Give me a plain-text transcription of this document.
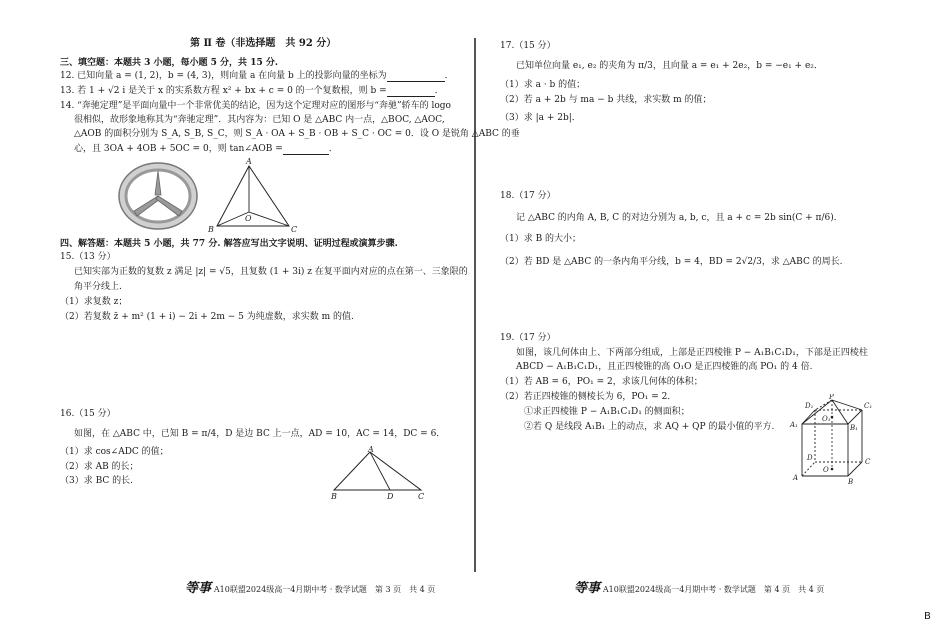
第 Ⅱ 卷（非选择题　共 92 分）
三、填空题：本题共 3 小题，每小题 5 分，共 15 分.
12. 已知向量 a = (1, 2)，b = (4, 3)，则向量 a 在向量 b 上的投影向量的坐标为	．
13. 若 1 + √2 i 是关于 x 的实系数方程 x² + bx + c = 0 的一个复数根，则 b =	．
14. “奔驰定理”是平面向量中一个非常优美的结论，因为这个定理对应的图形与“奔驰”轿车的 logo
很相似，故形象地称其为“奔驰定理”．其内容为：已知 O 是 △ABC 内一点，△BOC, △AOC,
△AOB 的面积分别为 S_A, S_B, S_C，则 S_A · OA + S_B · OB + S_C · OC = 0．设 O 是锐角 △ABC 的垂
心，且 3OA + 4OB + 5OC = 0，则 tan∠AOB =	．
A
B	C
O
四、解答题：本题共 5 小题，共 77 分. 解答应写出文字说明、证明过程或演算步骤.
15.（13 分）
已知实部为正数的复数 z 满足 |z| = √5，且复数 (1 + 3i) z 在复平面内对应的点在第一、三象限的
角平分线上.
（1）求复数 z；
（2）若复数 z̄ + m² (1 + i) − 2i + 2m − 5 为纯虚数，求实数 m 的值.
16.（15 分）
如图，在 △ABC 中，已知 B = π/4，D 是边 BC 上一点，AD = 10，AC = 14，DC = 6．
（1）求 cos∠ADC 的值；
（2）求 AB 的长；
（3）求 BC 的长.
A
B	D	C
等事 A10联盟2024级高一4月期中考 · 数学试题　第 3 页　共 4 页
17.（15 分）
已知单位向量 e₁, e₂ 的夹角为 π/3，且向量 a = e₁ + 2e₂，b = −e₁ + e₂．
（1）求 a · b 的值；
（2）若 a + 2b 与 ma − b 共线，求实数 m 的值；
（3）求 |a + 2b|．
18.（17 分）
记 △ABC 的内角 A, B, C 的对边分别为 a, b, c，且 a + c = 2b sin(C + π/6)．
（1）求 B 的大小；
（2）若 BD 是 △ABC 的一条内角平分线，b = 4，BD = 2√2/3，求 △ABC 的周长.
19.（17 分）
如图，该几何体由上、下两部分组成，上部是正四棱锥 P − A₁B₁C₁D₁，下部是正四棱柱
ABCD − A₁B₁C₁D₁，且正四棱锥的高 O₁O 是正四棱锥的高 PO₁ 的 4 倍.
（1）若 AB = 6，PO₁ = 2，求该几何体的体积；
（2）若正四棱锥的侧棱长为 6，PO₁ = 2．
①求正四棱锥 P − A₁B₁C₁D₁ 的侧面积；
②若 Q 是线段 A₁B₁ 上的动点，求 AQ + QP 的最小值的平方.
P
D₁	C₁
A₁	B₁
O₁
D	C
A	B
O
等事 A10联盟2024级高一4月期中考 · 数学试题　第 4 页　共 4 页
B
